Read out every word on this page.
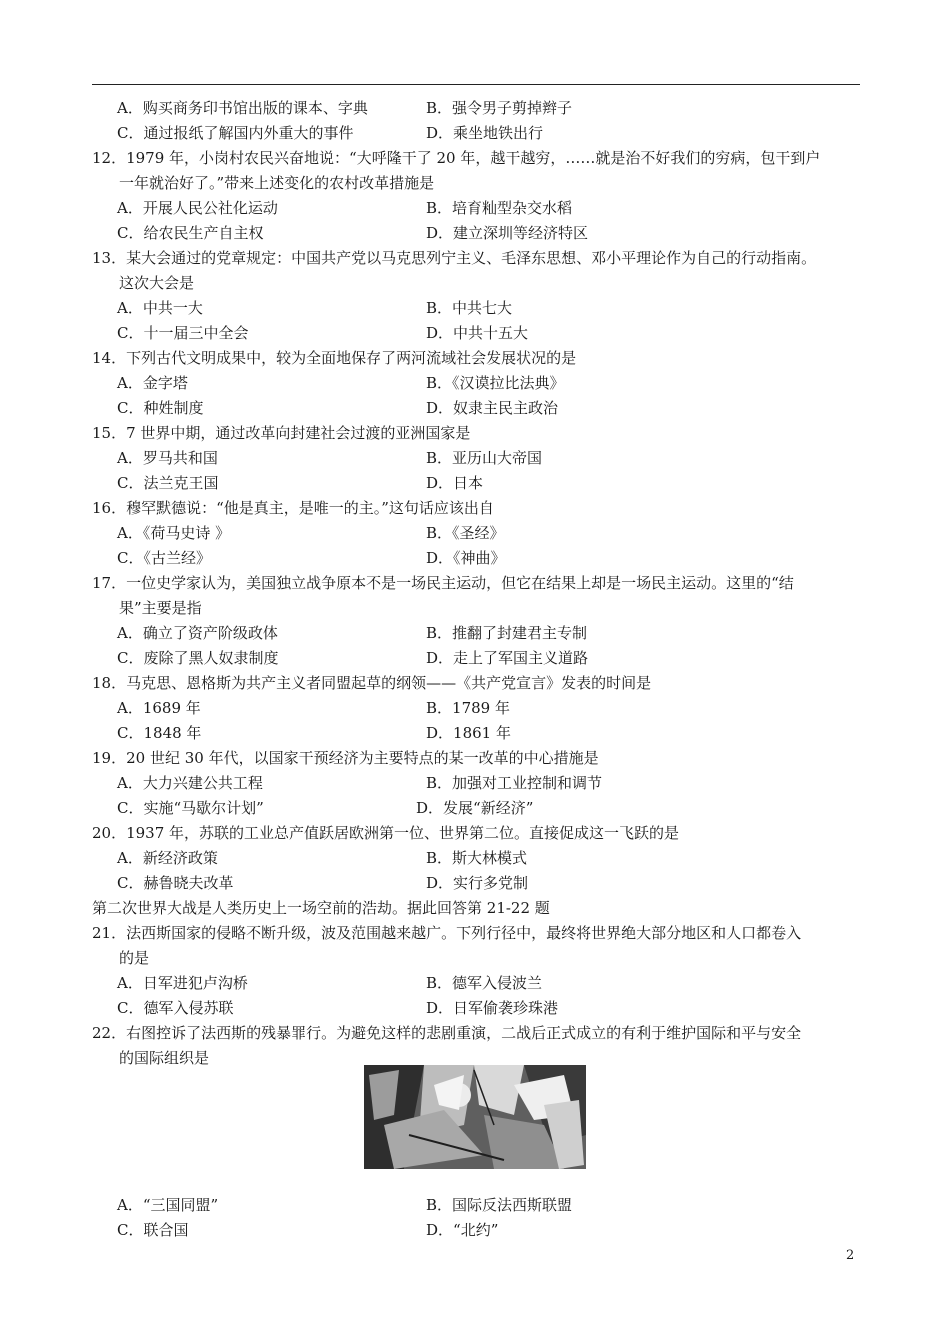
A．购买商务印书馆出版的课本、字典	B．强令男子剪掉辫子
C．通过报纸了解国内外重大的事件	D．乘坐地铁出行
12．1979 年，小岗村农民兴奋地说：“大呼隆干了 20 年，越干越穷，……就是治不好我们的穷病，包干到户
一年就治好了。”带来上述变化的农村改革措施是
A．开展人民公社化运动	B．培育籼型杂交水稻
C．给农民生产自主权	D．建立深圳等经济特区
13．某大会通过的党章规定：中国共产党以马克思列宁主义、毛泽东思想、邓小平理论作为自己的行动指南。
这次大会是
A．中共一大	B．中共七大
C．十一届三中全会	D．中共十五大
14．下列古代文明成果中，较为全面地保存了两河流域社会发展状况的是
A．金字塔	B．《汉谟拉比法典》
C．种姓制度	D．奴隶主民主政治
15．7 世界中期，通过改革向封建社会过渡的亚洲国家是
A．罗马共和国	B．亚历山大帝国
C．法兰克王国	D．日本
16．穆罕默德说：“他是真主，是唯一的主。”这句话应该出自
A．《荷马史诗 》	B．《圣经》
C．《古兰经》	D．《神曲》
17．一位史学家认为，美国独立战争原本不是一场民主运动，但它在结果上却是一场民主运动。这里的“结
果”主要是指
A．确立了资产阶级政体	B．推翻了封建君主专制
C．废除了黑人奴隶制度	D．走上了军国主义道路
18．马克思、恩格斯为共产主义者同盟起草的纲领——《共产党宣言》发表的时间是
A．1689 年	B．1789 年
C．1848 年	D．1861 年
19．20 世纪 30 年代，以国家干预经济为主要特点的某一改革的中心措施是
A．大力兴建公共工程	B．加强对工业控制和调节
C．实施“马歇尔计划”	D．发展“新经济”
20．1937 年，苏联的工业总产值跃居欧洲第一位、世界第二位。直接促成这一飞跃的是
A．新经济政策	B．斯大林模式
C．赫鲁晓夫改革	D．实行多党制
第二次世界大战是人类历史上一场空前的浩劫。据此回答第 21-22 题
21．法西斯国家的侵略不断升级，波及范围越来越广。下列行径中，最终将世界绝大部分地区和人口都卷入
的是
A．日军进犯卢沟桥	B．德军入侵波兰
C．德军入侵苏联	D．日军偷袭珍珠港
22．右图控诉了法西斯的残暴罪行。为避免这样的悲剧重演，二战后正式成立的有利于维护国际和平与安全
的国际组织是
A．“三国同盟”	B．国际反法西斯联盟
C．联合国	D．“北约”
2
